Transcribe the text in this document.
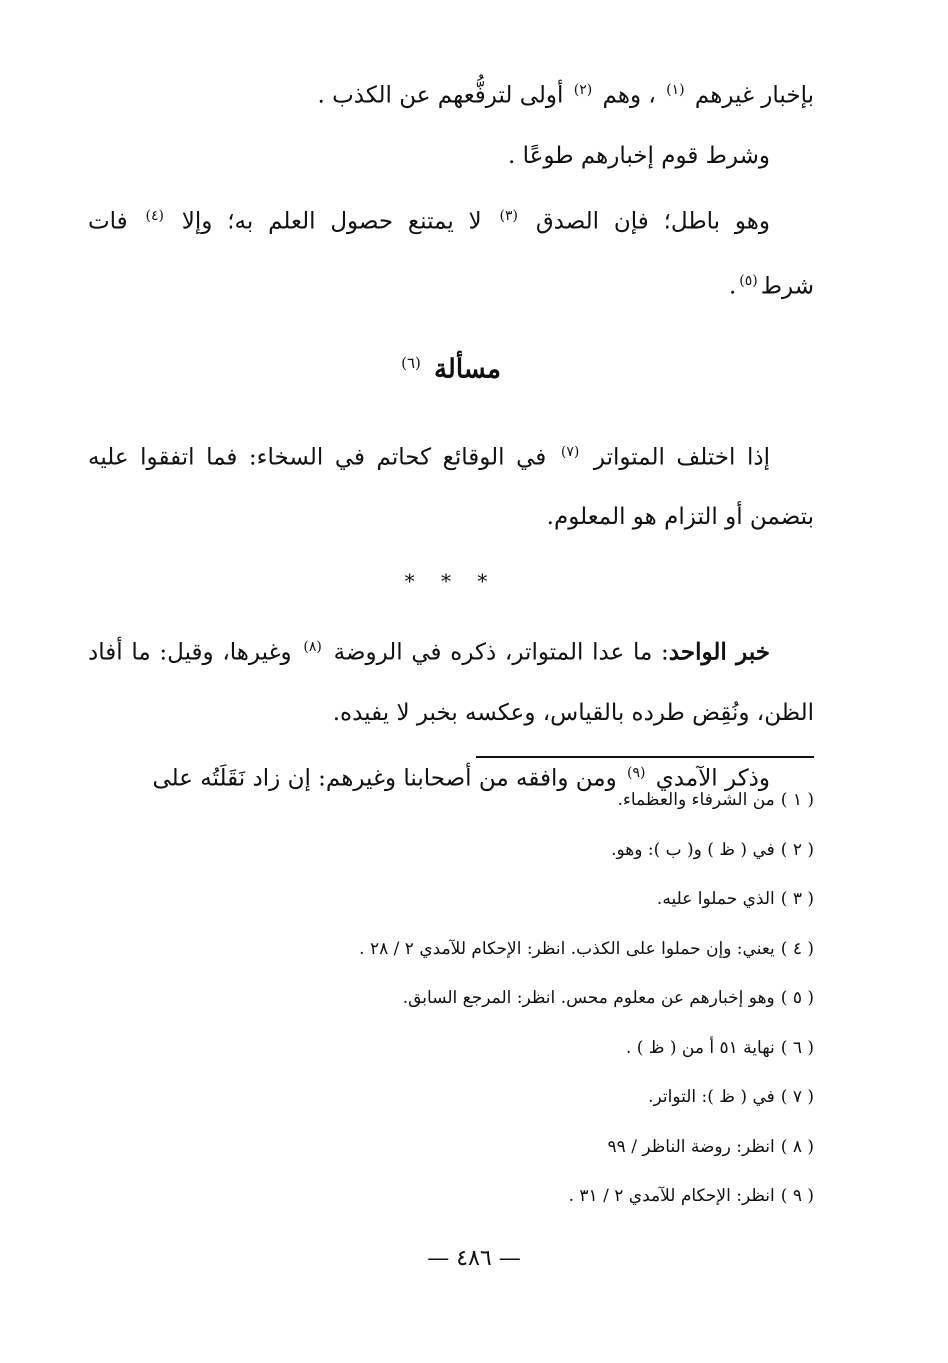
بإخبار غيرهم $^{(١)}$ ، وهم $^{(٢)}$ أولى لترفُّعهم عن الكذب .

وشرط قوم إخبارهم طوعًا .

وهو باطل؛ فإن الصدق $^{(٣)}$ لا يمتنع حصول العلم به؛ وإلا $^{(٤)}$ فات شرط$^{(٥)}$.

مسألة $^{(٦)}$

إذا اختلف المتواتر $^{(٧)}$ في الوقائع كحاتم في السخاء: فما اتفقوا عليه بتضمن أو التزام هو المعلوم.

* * *

خبر الواحد: ما عدا المتواتر، ذكره في الروضة $^{(٨)}$ وغيرها، وقيل: ما أفاد الظن، ونُقِض طرده بالقياس، وعكسه بخبر لا يفيده.

وذكر الآمدي $^{(٩)}$ ومن وافقه من أصحابنا وغيرهم: إن زاد نَقَلَتُه على

( ١ )من الشرفاء والعظماء.

( ٢ )في ( ظ ) و( ب ): وهو.

( ٣ )الذي حملوا عليه.

( ٤ )يعني: وإن حملوا على الكذب. انظر: الإحكام للآمدي ٢ / ٢٨ .

( ٥ )وهو إخبارهم عن معلوم محس. انظر: المرجع السابق.

( ٦ )نهاية ٥١ أ من ( ظ ) .

( ٧ )في ( ظ ): التواتر.

( ٨ )انظر: روضة الناظر / ٩٩

( ٩ )انظر: الإحكام للآمدي ٢ / ٣١ .

— ٤٨٦ —
